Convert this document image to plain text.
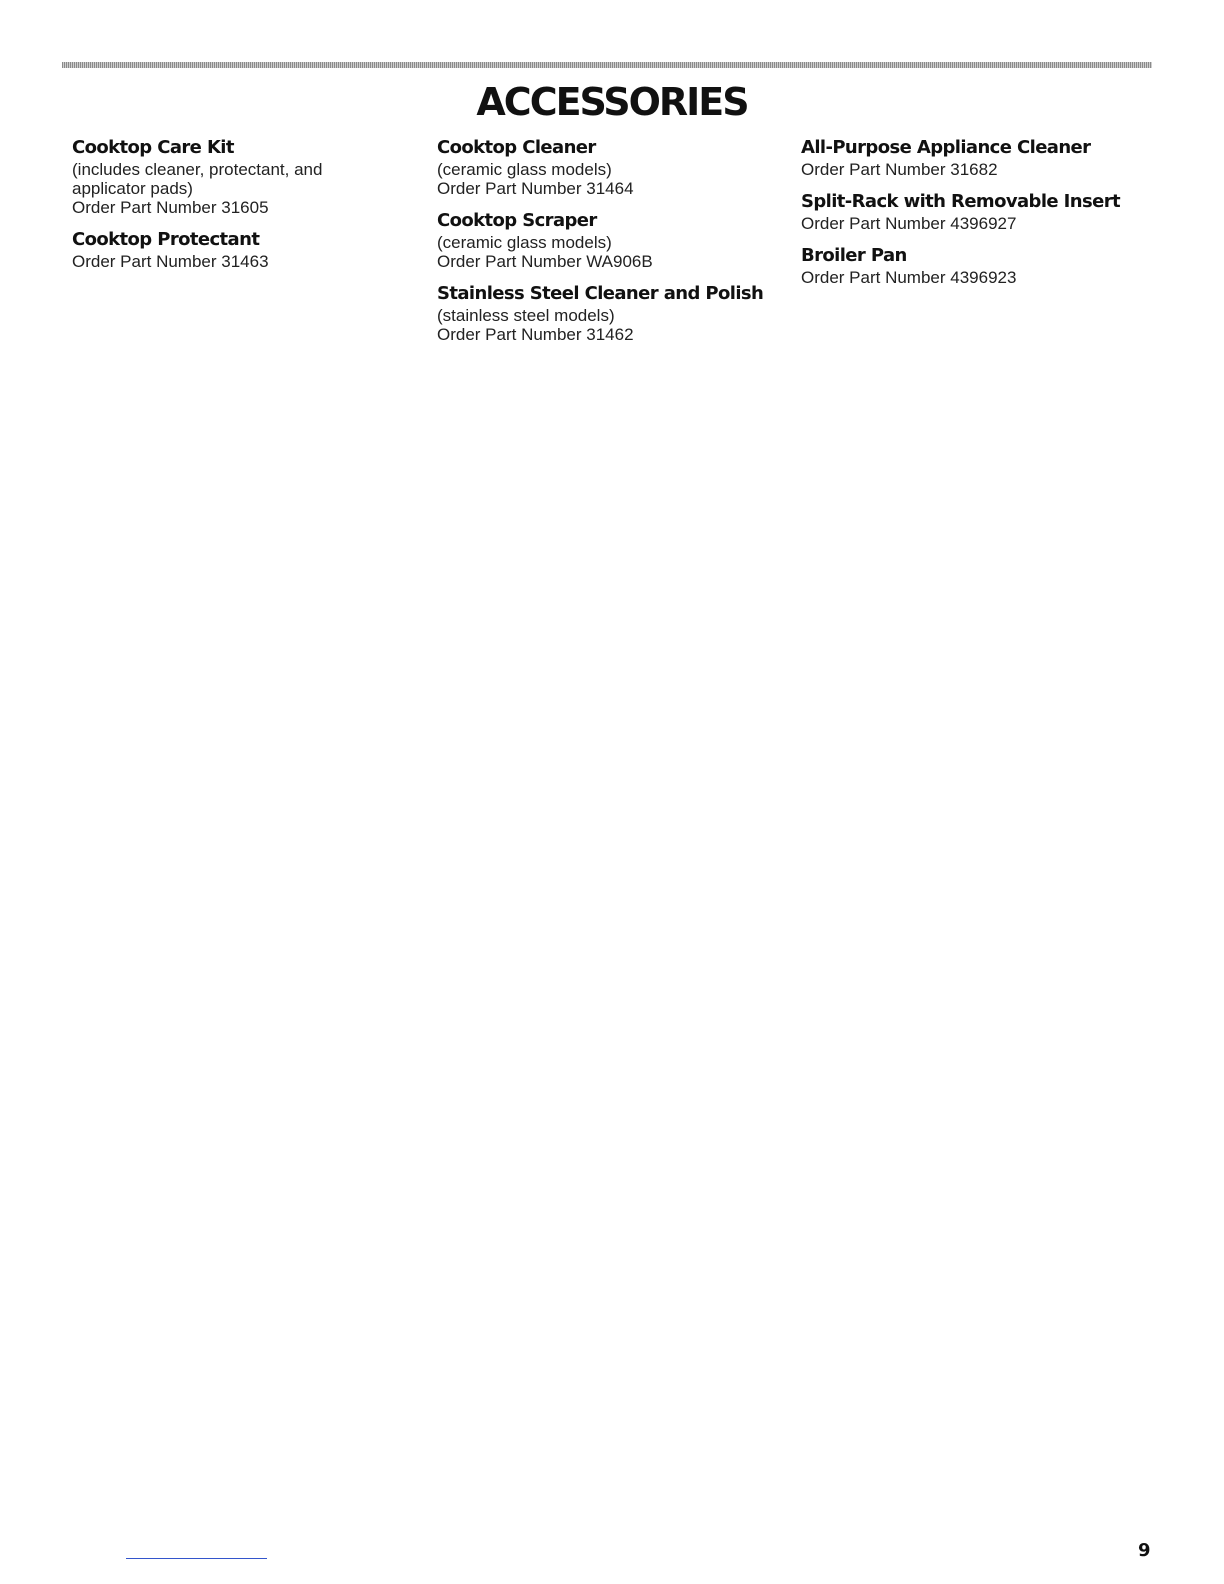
ACCESSORIES
Cooktop Care Kit
(includes cleaner, protectant, and
applicator pads)
Order Part Number 31605
Cooktop Protectant
Order Part Number 31463
Cooktop Cleaner
(ceramic glass models)
Order Part Number 31464
Cooktop Scraper
(ceramic glass models)
Order Part Number WA906B
Stainless Steel Cleaner and Polish
(stainless steel models)
Order Part Number 31462
All-Purpose Appliance Cleaner
Order Part Number 31682
Split-Rack with Removable Insert
Order Part Number 4396927
Broiler Pan
Order Part Number 4396923
9
